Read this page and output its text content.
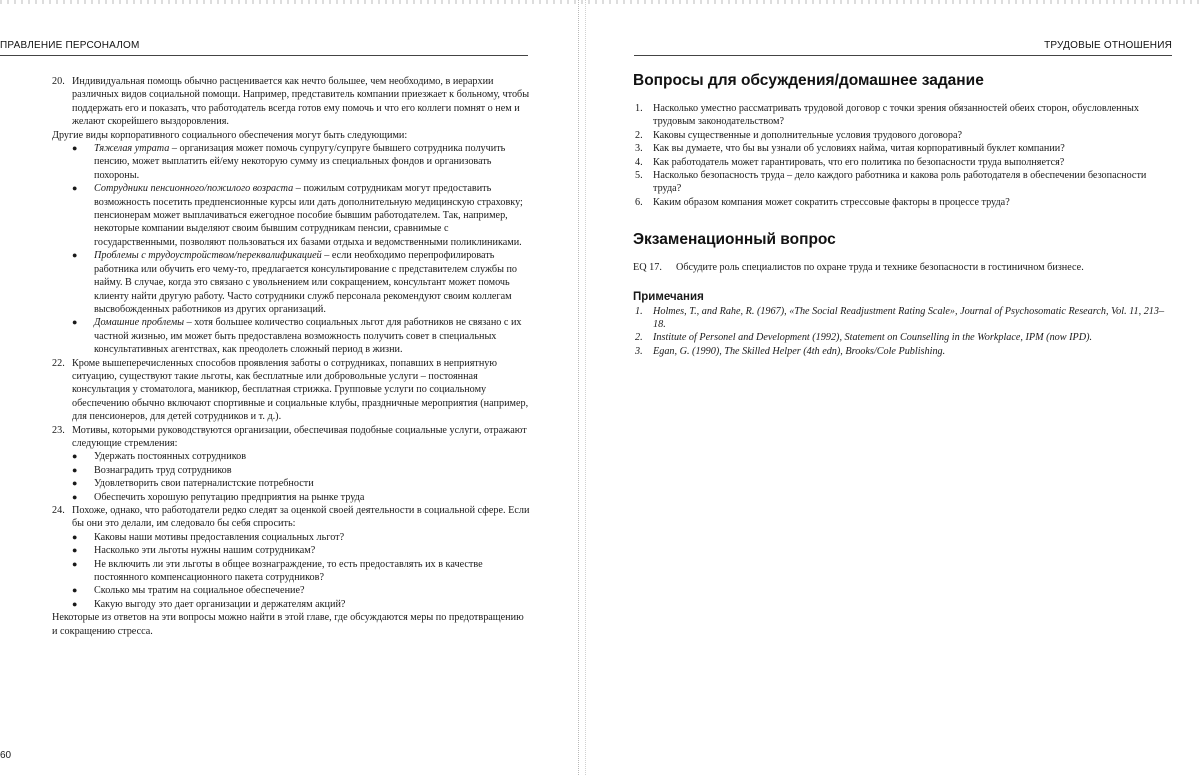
ПРАВЛЕНИЕ ПЕРСОНАЛОМ

20. Индивидуальная помощь обычно расценивается как нечто большее, чем необходимо, в иерархии различных видов социальной помощи. Например, представитель компании приезжает к больному, чтобы поддержать его и показать, что работодатель всегда готов ему помочь и что его коллеги помнят о нем и желают скорейшего выздоровления.

Другие виды корпоративного социального обеспечения могут быть следующими:

● Тяжелая утрата – организация может помочь супругу/супруге бывшего сотрудника получить пенсию, может выплатить ей/ему некоторую сумму из специальных фондов и организовать похороны.
● Сотрудники пенсионного/пожилого возраста – пожилым сотрудникам могут предоставить возможность посетить предпенсионные курсы или дать дополнительную медицинскую страховку; пенсионерам может выплачиваться ежегодное пособие бывшим работодателем. Так, например, некоторые компании выделяют своим бывшим сотрудникам пенсии, сравнимые с государственными, позволяют пользоваться их базами отдыха и ведомственными поликлиниками.
● Проблемы с трудоустройством/переквалификацией – если необходимо перепрофилировать работника или обучить его чему-то, предлагается консультирование с представителем службы по найму. В случае, когда это связано с увольнением или сокращением, консультант может помочь клиенту найти другую работу. Часто сотрудники служб персонала рекомендуют своим коллегам высвобожденных работников из других организаций.
● Домашние проблемы – хотя большее количество социальных льгот для работников не связано с их частной жизнью, им может быть предоставлена возможность получить совет в специальных консультативных агентствах, как преодолеть сложный период в жизни.

22. Кроме вышеперечисленных способов проявления заботы о сотрудниках, попавших в неприятную ситуацию, существуют такие льготы, как бесплатные или добровольные услуги – постоянная консультация у стоматолога, маникюр, бесплатная стрижка. Групповые услуги по социальному обеспечению обычно включают спортивные и социальные клубы, праздничные мероприятия (например, для пенсионеров, для детей сотрудников и т. д.).

23. Мотивы, которыми руководствуются организации, обеспечивая подобные социальные услуги, отражают следующие стремления:

● Удержать постоянных сотрудников
● Вознаградить труд сотрудников
● Удовлетворить свои патерналистские потребности
● Обеспечить хорошую репутацию предприятия на рынке труда

24. Похоже, однако, что работодатели редко следят за оценкой своей деятельности в социальной сфере. Если бы они это делали, им следовало бы себя спросить:

● Каковы наши мотивы предоставления социальных льгот?
● Насколько эти льготы нужны нашим сотрудникам?
● Не включить ли эти льготы в общее вознаграждение, то есть предоставлять их в качестве постоянного компенсационного пакета сотрудников?
● Сколько мы тратим на социальное обеспечение?
● Какую выгоду это дает организации и держателям акций?

Некоторые из ответов на эти вопросы можно найти в этой главе, где обсуждаются меры по предотвращению и сокращению стресса.

60
ТРУДОВЫЕ ОТНОШЕНИЯ
Вопросы для обсуждения/домашнее задание
1. Насколько уместно рассматривать трудовой договор с точки зрения обязанностей обеих сторон, обусловленных трудовым законодательством?
2. Каковы существенные и дополнительные условия трудового договора?
3. Как вы думаете, что бы вы узнали об условиях найма, читая корпоративный буклет компании?
4. Как работодатель может гарантировать, что его политика по безопасности труда выполняется?
5. Насколько безопасность труда – дело каждого работника и какова роль работодателя в обеспечении безопасности труда?
6. Каким образом компания может сократить стрессовые факторы в процессе труда?
Экзаменационный вопрос
EQ 17. Обсудите роль специалистов по охране труда и технике безопасности в гостиничном бизнесе.
Примечания
1. Holmes, T., and Rahe, R. (1967), «The Social Readjustment Rating Scale», Journal of Psychosomatic Research, Vol. 11, 213–18.
2. Institute of Personel and Development (1992), Statement on Counselling in the Workplace, IPM (now IPD).
3. Egan, G. (1990), The Skilled Helper (4th edn), Brooks/Cole Publishing.
